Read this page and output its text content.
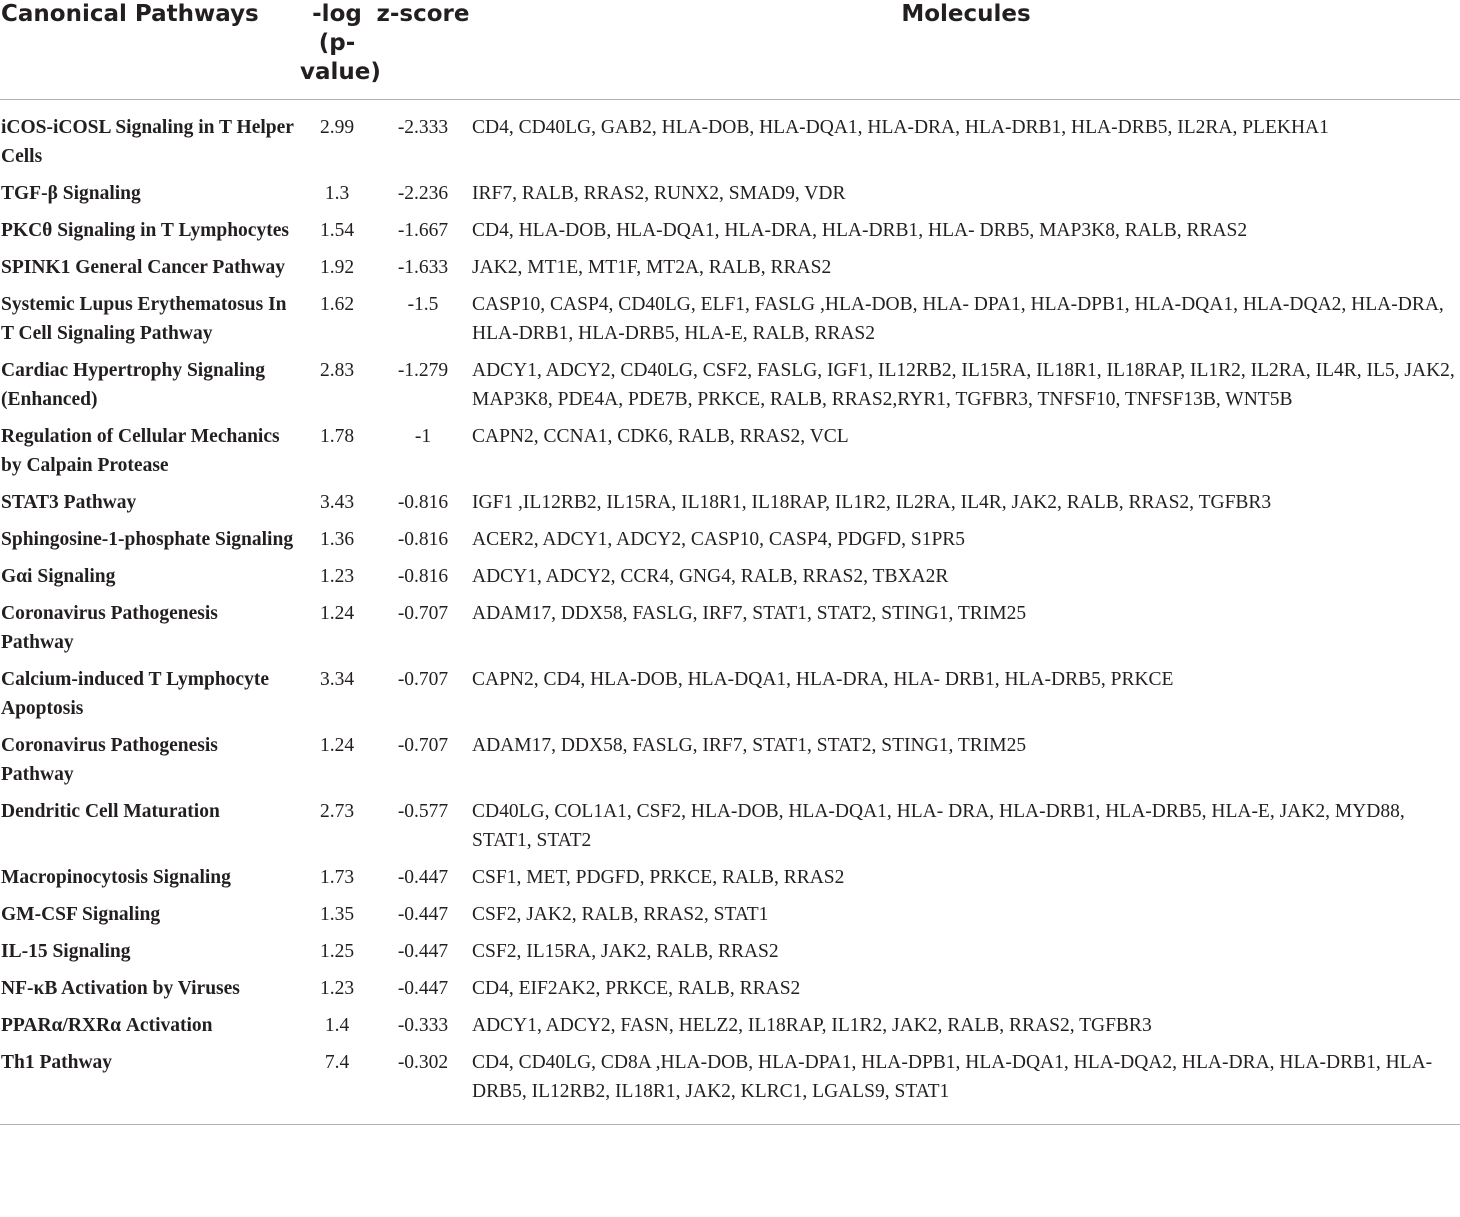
Canonical Pathways	-log (p-value)	z-score	Molecules
iCOS-iCOSL Signaling in T Helper Cells	2.99	-2.333	CD4, CD40LG, GAB2, HLA-DOB, HLA-DQA1, HLA-DRA, HLA-DRB1, HLA-DRB5, IL2RA, PLEKHA1
TGF-β Signaling	1.3	-2.236	IRF7, RALB, RRAS2, RUNX2, SMAD9, VDR
PKCθ Signaling in T Lymphocytes	1.54	-1.667	CD4, HLA-DOB, HLA-DQA1, HLA-DRA, HLA-DRB1, HLA- DRB5, MAP3K8, RALB, RRAS2
SPINK1 General Cancer Pathway	1.92	-1.633	JAK2, MT1E, MT1F, MT2A, RALB, RRAS2
Systemic Lupus Erythematosus In T Cell Signaling Pathway	1.62	-1.5	CASP10, CASP4, CD40LG, ELF1, FASLG ,HLA-DOB, HLA- DPA1, HLA-DPB1, HLA-DQA1, HLA-DQA2, HLA-DRA, HLA-DRB1, HLA-DRB5, HLA-E, RALB, RRAS2
Cardiac Hypertrophy Signaling (Enhanced)	2.83	-1.279	ADCY1, ADCY2, CD40LG, CSF2, FASLG, IGF1, IL12RB2, IL15RA, IL18R1, IL18RAP, IL1R2, IL2RA, IL4R, IL5, JAK2, MAP3K8, PDE4A, PDE7B, PRKCE, RALB, RRAS2,RYR1, TGFBR3, TNFSF10, TNFSF13B, WNT5B
Regulation of Cellular Mechanics by Calpain Protease	1.78	-1	CAPN2, CCNA1, CDK6, RALB, RRAS2, VCL
STAT3 Pathway	3.43	-0.816	IGF1 ,IL12RB2, IL15RA, IL18R1, IL18RAP, IL1R2, IL2RA, IL4R, JAK2, RALB, RRAS2, TGFBR3
Sphingosine-1-phosphate Signaling	1.36	-0.816	ACER2, ADCY1, ADCY2, CASP10, CASP4, PDGFD, S1PR5
Gαi Signaling	1.23	-0.816	ADCY1, ADCY2, CCR4, GNG4, RALB, RRAS2, TBXA2R
Coronavirus Pathogenesis Pathway	1.24	-0.707	ADAM17, DDX58, FASLG, IRF7, STAT1, STAT2, STING1, TRIM25
Calcium-induced T Lymphocyte Apoptosis	3.34	-0.707	CAPN2, CD4, HLA-DOB, HLA-DQA1, HLA-DRA, HLA- DRB1, HLA-DRB5, PRKCE
Coronavirus Pathogenesis Pathway	1.24	-0.707	ADAM17, DDX58, FASLG, IRF7, STAT1, STAT2, STING1, TRIM25
Dendritic Cell Maturation	2.73	-0.577	CD40LG, COL1A1, CSF2, HLA-DOB, HLA-DQA1, HLA- DRA, HLA-DRB1, HLA-DRB5, HLA-E, JAK2, MYD88, STAT1, STAT2
Macropinocytosis Signaling	1.73	-0.447	CSF1, MET, PDGFD, PRKCE, RALB, RRAS2
GM-CSF Signaling	1.35	-0.447	CSF2, JAK2, RALB, RRAS2, STAT1
IL-15 Signaling	1.25	-0.447	CSF2, IL15RA, JAK2, RALB, RRAS2
NF-κB Activation by Viruses	1.23	-0.447	CD4, EIF2AK2, PRKCE, RALB, RRAS2
PPARα/RXRα Activation	1.4	-0.333	ADCY1, ADCY2, FASN, HELZ2, IL18RAP, IL1R2, JAK2, RALB, RRAS2, TGFBR3
Th1 Pathway	7.4	-0.302	CD4, CD40LG, CD8A ,HLA-DOB, HLA-DPA1, HLA-DPB1, HLA-DQA1, HLA-DQA2, HLA-DRA, HLA-DRB1, HLA- DRB5, IL12RB2, IL18R1, JAK2, KLRC1, LGALS9, STAT1
